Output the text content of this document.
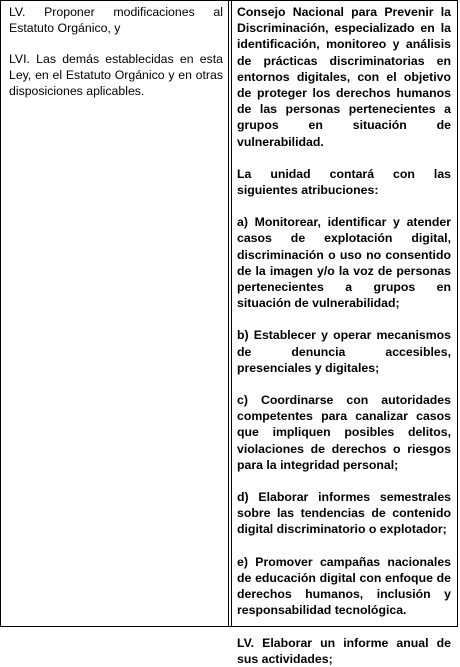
LV. Proponer modificaciones al Estatuto Orgánico, y

LVI. Las demás establecidas en esta Ley, en el Estatuto Orgánico y en otras disposiciones aplicables.

Consejo Nacional para Prevenir la Discriminación, especializado en la identificación, monitoreo y análisis de prácticas discriminatorias en entornos digitales, con el objetivo de proteger los derechos humanos de las personas pertenecientes a grupos en situación de vulnerabilidad.

La unidad contará con las siguientes atribuciones:

a) Monitorear, identificar y atender casos de explotación digital, discriminación o uso no consentido de la imagen y/o la voz de personas pertenecientes a grupos en situación de vulnerabilidad;

b) Establecer y operar mecanismos de denuncia accesibles, presenciales y digitales;

c) Coordinarse con autoridades competentes para canalizar casos que impliquen posibles delitos, violaciones de derechos o riesgos para la integridad personal;

d) Elaborar informes semestrales sobre las tendencias de contenido digital discriminatorio o explotador;

e) Promover campañas nacionales de educación digital con enfoque de derechos humanos, inclusión y responsabilidad tecnológica.

LV. Elaborar un informe anual de sus actividades;
